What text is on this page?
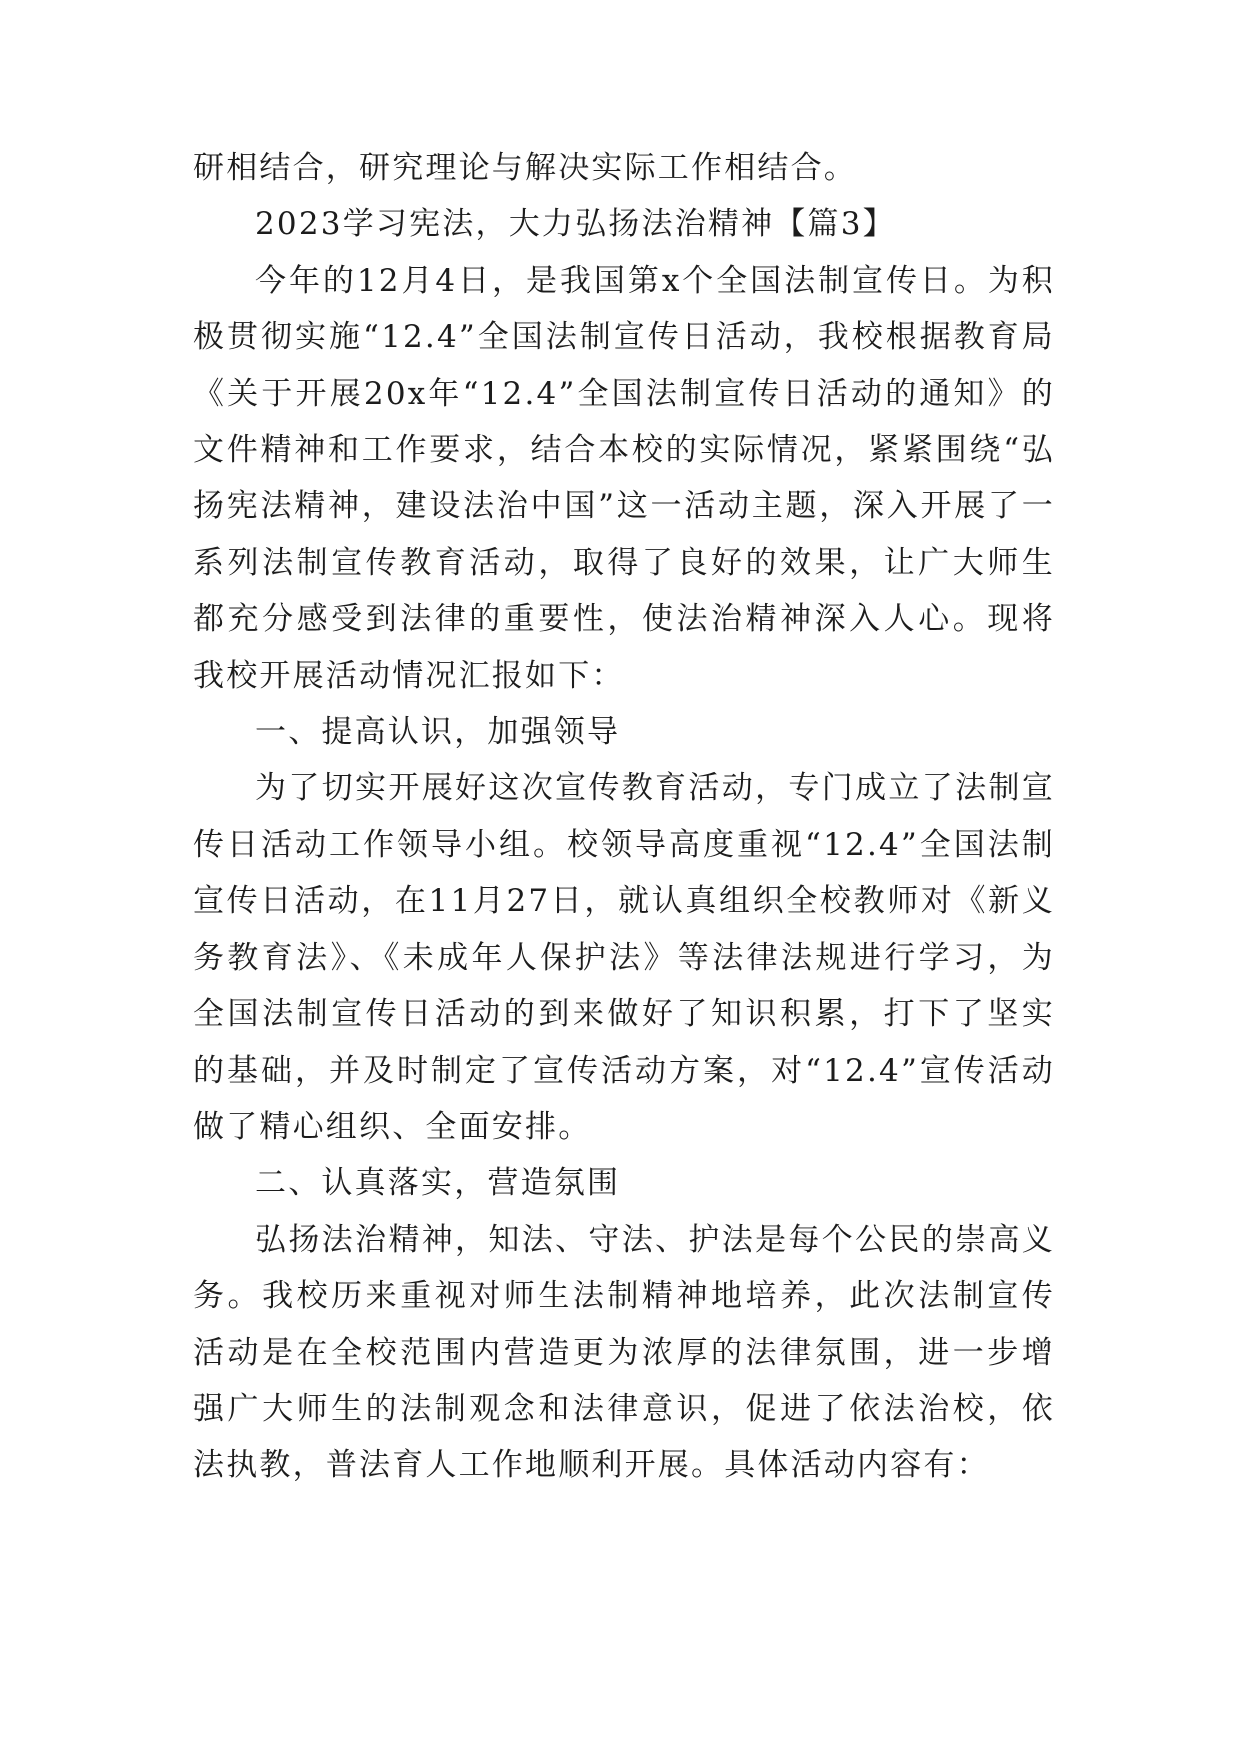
研相结合，研究理论与解决实际工作相结合。

2023学习宪法，大力弘扬法治精神【篇3】

今年的12月4日，是我国第x个全国法制宣传日。为积极贯彻实施“12.4”全国法制宣传日活动，我校根据教育局《关于开展20x年“12.4”全国法制宣传日活动的通知》的文件精神和工作要求，结合本校的实际情况，紧紧围绕“弘扬宪法精神，建设法治中国”这一活动主题，深入开展了一系列法制宣传教育活动，取得了良好的效果，让广大师生都充分感受到法律的重要性，使法治精神深入人心。现将我校开展活动情况汇报如下：

一、提高认识，加强领导

为了切实开展好这次宣传教育活动，专门成立了法制宣传日活动工作领导小组。校领导高度重视“12.4”全国法制宣传日活动，在11月27日，就认真组织全校教师对《新义务教育法》、《未成年人保护法》等法律法规进行学习，为全国法制宣传日活动的到来做好了知识积累，打下了坚实的基础，并及时制定了宣传活动方案，对“12.4”宣传活动做了精心组织、全面安排。

二、认真落实，营造氛围

弘扬法治精神，知法、守法、护法是每个公民的崇高义务。我校历来重视对师生法制精神地培养，此次法制宣传活动是在全校范围内营造更为浓厚的法律氛围，进一步增强广大师生的法制观念和法律意识，促进了依法治校，依法执教，普法育人工作地顺利开展。具体活动内容有：
